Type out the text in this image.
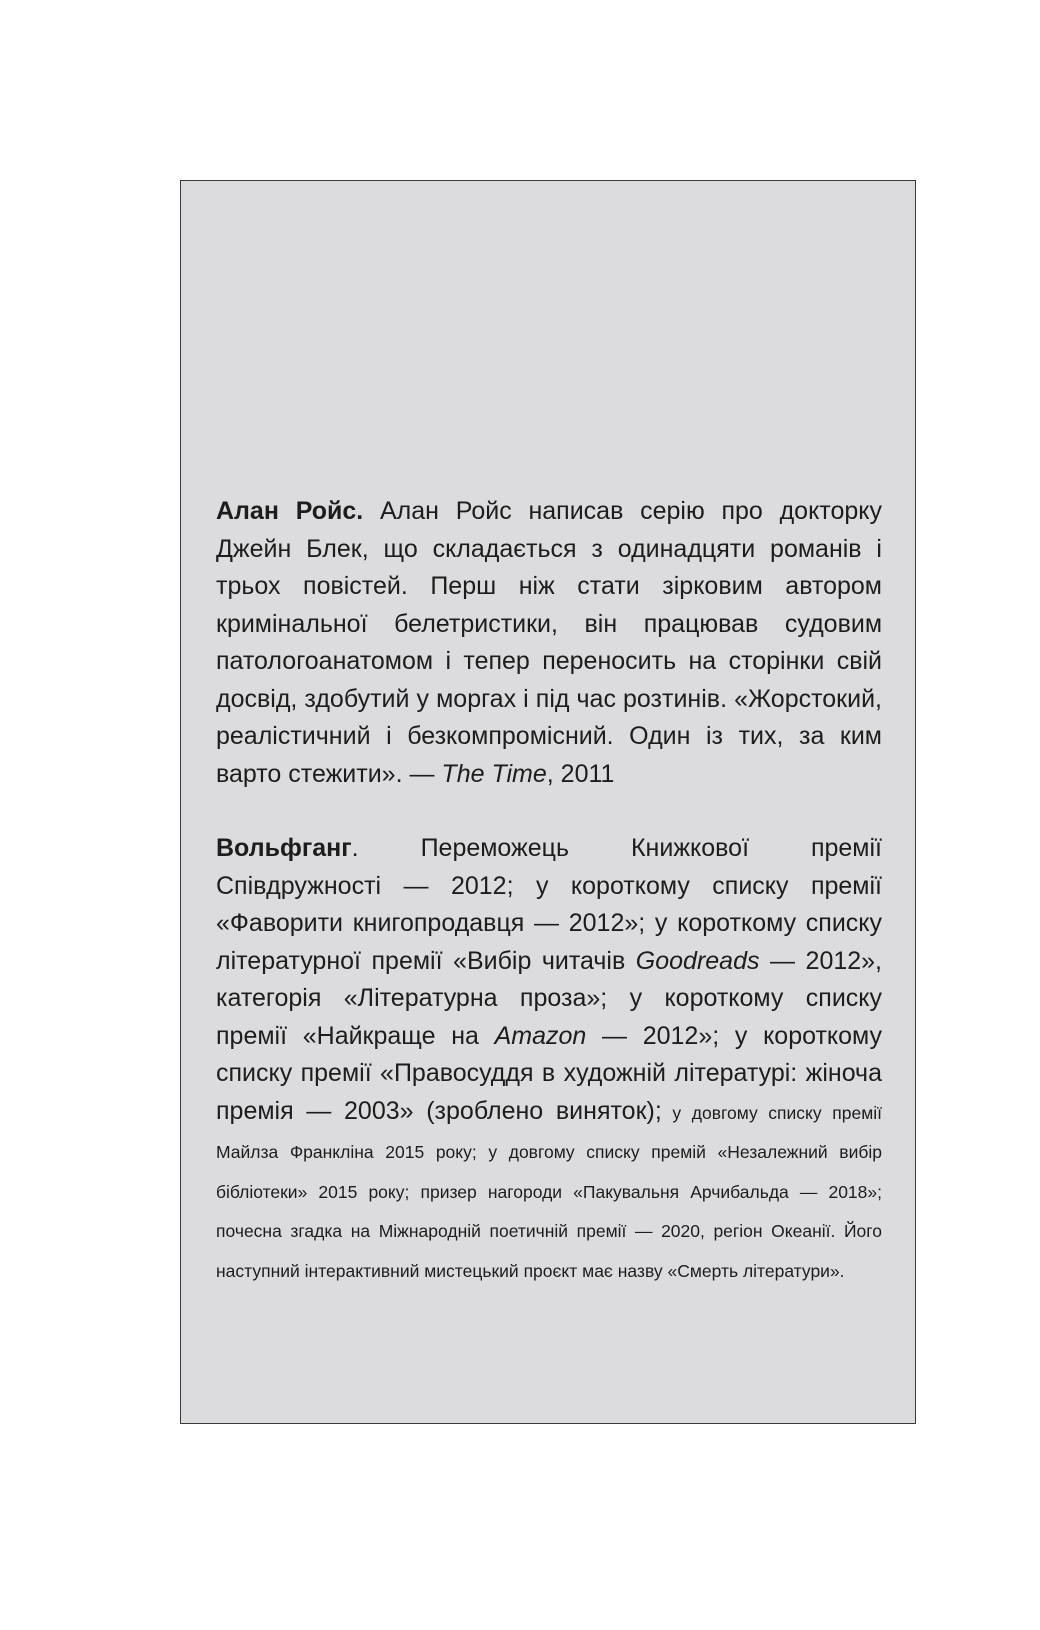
Алан Ройс. Алан Ройс написав серію про докторку Джейн Блек, що складається з одинадцяти романів і трьох повістей. Перш ніж стати зірковим автором кримінальної белетристики, він працював судовим патологоанатомом і тепер переносить на сторінки свій досвід, здобутий у моргах і під час розтинів. «Жорстокий, реалістичний і безкомпромісний. Один із тих, за ким варто стежити». — The Time, 2011

Вольфганг. Переможець Книжкової премії Співдружності — 2012; у короткому списку премії «Фаворити книгопродавця — 2012»; у короткому списку літературної премії «Вибір читачів Goodreads — 2012», категорія «Літературна проза»; у короткому списку премії «Найкраще на Amazon — 2012»; у короткому списку премії «Правосуддя в художній літературі: жіноча премія — 2003» (зроблено виняток); у довгому списку премії Майлза Франкліна 2015 року; у довгому списку премій «Незалежний вибір бібліотеки» 2015 року; призер нагороди «Пакувальня Арчибальда — 2018»; почесна згадка на Міжнародній поетичній премії — 2020, регіон Океанії. Його наступний інтерактивний мистецький проєкт має назву «Смерть літератури».
